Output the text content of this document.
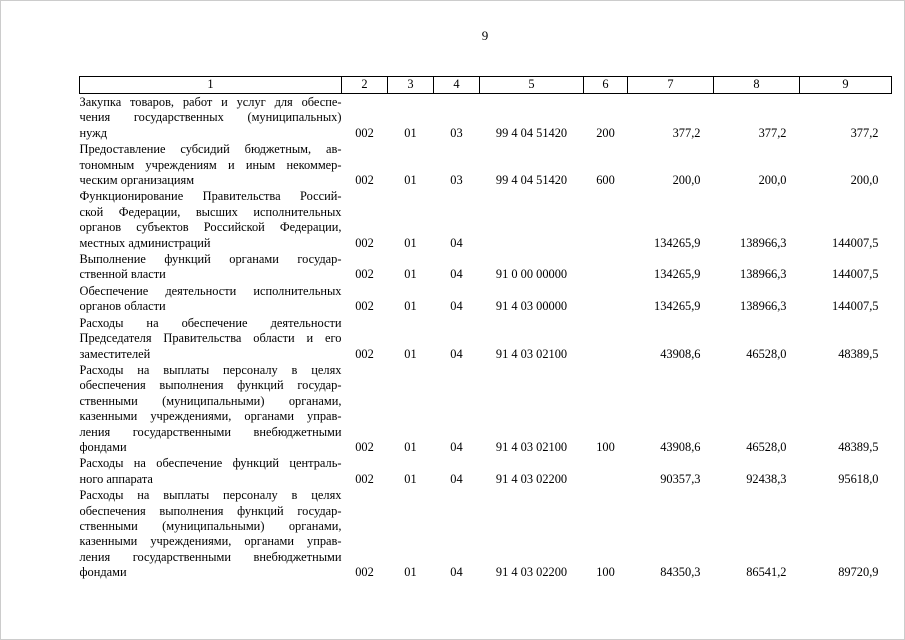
9
1	2	3	4	5	6	7	8	9

Закупка товаров, работ и услуг для обеспе-
чения государственных (муниципальных)
нужд	002	01	03	99 4 04 51420	200	377,2	377,2	377,2

Предоставление субсидий бюджетным, ав-
тономным учреждениям и иным некоммер-
ческим организациям	002	01	03	99 4 04 51420	600	200,0	200,0	200,0

Функционирование Правительства Россий-
ской Федерации, высших исполнительных
органов субъектов Российской Федерации,
местных администраций	002	01	04			134265,9	138966,3	144007,5

Выполнение функций органами государ-
ственной власти	002	01	04	91 0 00 00000		134265,9	138966,3	144007,5

Обеспечение деятельности исполнительных
органов области	002	01	04	91 4 03 00000		134265,9	138966,3	144007,5

Расходы на обеспечение деятельности
Председателя Правительства области и его
заместителей	002	01	04	91 4 03 02100		43908,6	46528,0	48389,5

Расходы на выплаты персоналу в целях
обеспечения выполнения функций государ-
ственными (муниципальными) органами,
казенными учреждениями, органами управ-
ления государственными внебюджетными
фондами	002	01	04	91 4 03 02100	100	43908,6	46528,0	48389,5

Расходы на обеспечение функций централь-
ного аппарата	002	01	04	91 4 03 02200		90357,3	92438,3	95618,0

Расходы на выплаты персоналу в целях
обеспечения выполнения функций государ-
ственными (муниципальными) органами,
казенными учреждениями, органами управ-
ления государственными внебюджетными
фондами	002	01	04	91 4 03 02200	100	84350,3	86541,2	89720,9
